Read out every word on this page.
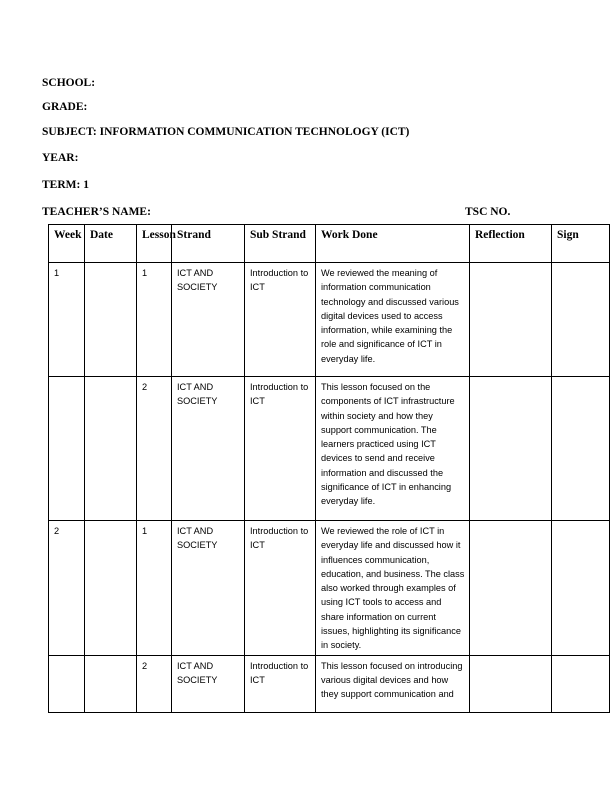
SCHOOL:
GRADE:
SUBJECT: INFORMATION COMMUNICATION TECHNOLOGY (ICT)
YEAR:
TERM: 1
TEACHER’S NAME:	TSC NO.
Week	Date	Lesson	Strand	Sub Strand	Work Done	Reflection	Sign
1		1	ICT AND SOCIETY	Introduction to ICT	We reviewed the meaning of information communication technology and discussed various digital devices used to access information, while examining the role and significance of ICT in everyday life.		
		2	ICT AND SOCIETY	Introduction to ICT	This lesson focused on the components of ICT infrastructure within society and how they support communication. The learners practiced using ICT devices to send and receive information and discussed the significance of ICT in enhancing everyday life.		
2		1	ICT AND SOCIETY	Introduction to ICT	We reviewed the role of ICT in everyday life and discussed how it influences communication, education, and business. The class also worked through examples of using ICT tools to access and share information on current issues, highlighting its significance in society.		
		2	ICT AND SOCIETY	Introduction to ICT	This lesson focused on introducing various digital devices and how they support communication and		
